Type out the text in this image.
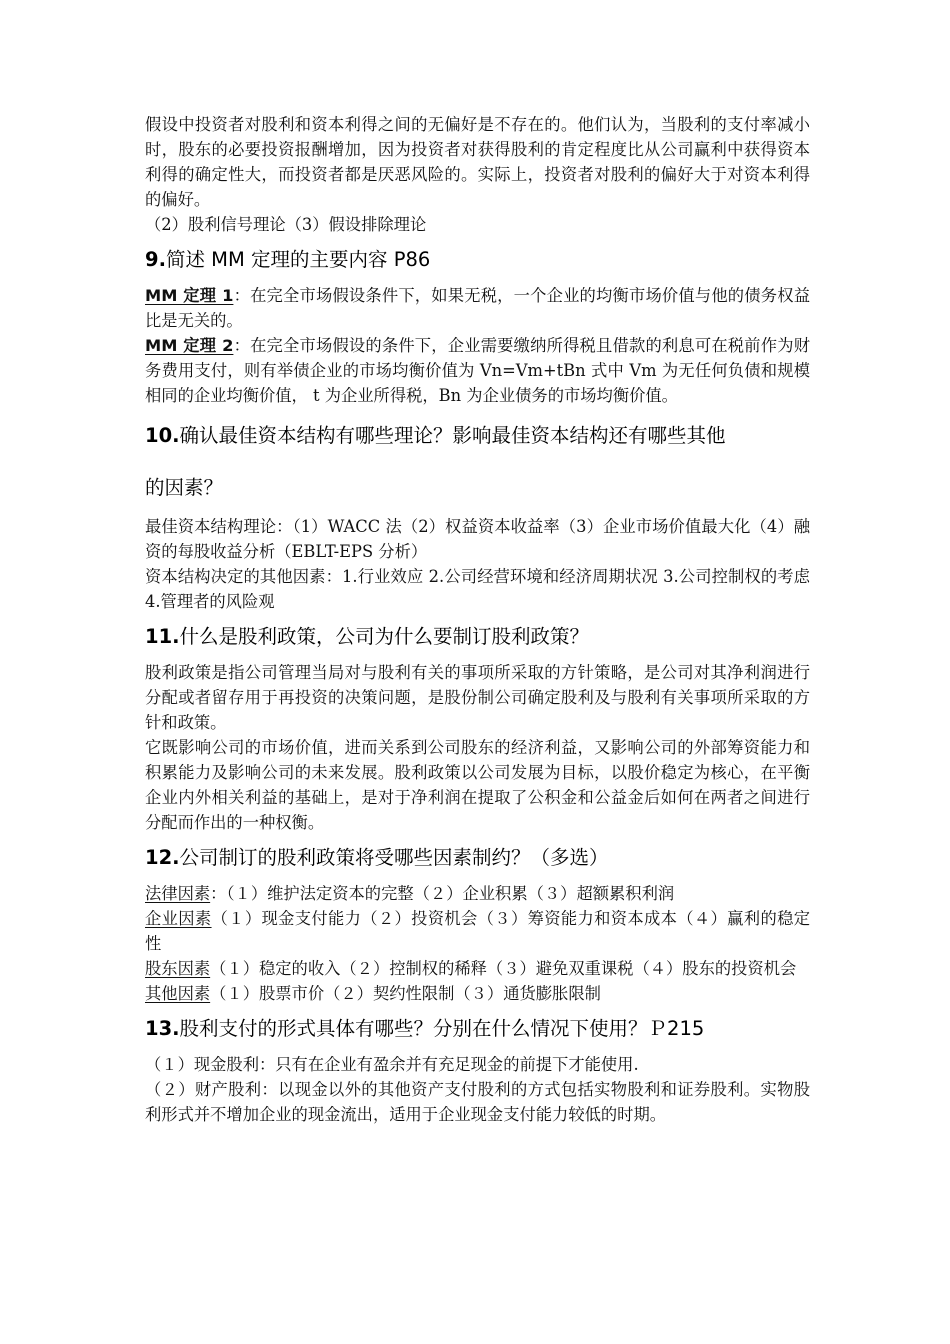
假设中投资者对股利和资本利得之间的无偏好是不存在的。他们认为，当股利的支付率减小时，股东的必要投资报酬增加，因为投资者对获得股利的肯定程度比从公司赢利中获得资本利得的确定性大，而投资者都是厌恶风险的。实际上，投资者对股利的偏好大于对资本利得的偏好。

（2）股利信号理论（3）假设排除理论

9.简述 MM 定理的主要内容 P86

MM 定理 1：在完全市场假设条件下，如果无税，一个企业的均衡市场价值与他的债务权益比是无关的。

MM 定理 2：在完全市场假设的条件下，企业需要缴纳所得税且借款的利息可在税前作为财务费用支付，则有举债企业的市场均衡价值为 Vn=Vm+tBn 式中 Vm 为无任何负债和规模相同的企业均衡价值， t 为企业所得税，Bn 为企业债务的市场均衡价值。

10.确认最佳资本结构有哪些理论？影响最佳资本结构还有哪些其他
的因素？

最佳资本结构理论：（1）WACC 法（2）权益资本收益率（3）企业市场价值最大化（4）融资的每股收益分析（EBLT-EPS 分析）

资本结构决定的其他因素：1.行业效应 2.公司经营环境和经济周期状况 3.公司控制权的考虑 4.管理者的风险观

11.什么是股利政策，公司为什么要制订股利政策？

股利政策是指公司管理当局对与股利有关的事项所采取的方针策略，是公司对其净利润进行分配或者留存用于再投资的决策问题，是股份制公司确定股利及与股利有关事项所采取的方针和政策。

它既影响公司的市场价值，进而关系到公司股东的经济利益，又影响公司的外部筹资能力和积累能力及影响公司的未来发展。股利政策以公司发展为目标，以股价稳定为核心，在平衡企业内外相关利益的基础上，是对于净利润在提取了公积金和公益金后如何在两者之间进行分配而作出的一种权衡。

12.公司制订的股利政策将受哪些因素制约？（多选）

法律因素：（１）维护法定资本的完整（２）企业积累（３）超额累积利润

企业因素（１）现金支付能力（２）投资机会（３）筹资能力和资本成本（４）赢利的稳定性

股东因素（１）稳定的收入（２）控制权的稀释（３）避免双重课税（４）股东的投资机会

其他因素（１）股票市价（２）契约性限制（３）通货膨胀限制

13.股利支付的形式具体有哪些？分别在什么情况下使用？Ｐ215

（１）现金股利：只有在企业有盈余并有充足现金的前提下才能使用.

（２）财产股利：以现金以外的其他资产支付股利的方式包括实物股利和证券股利。实物股利形式并不增加企业的现金流出，适用于企业现金支付能力较低的时期。
